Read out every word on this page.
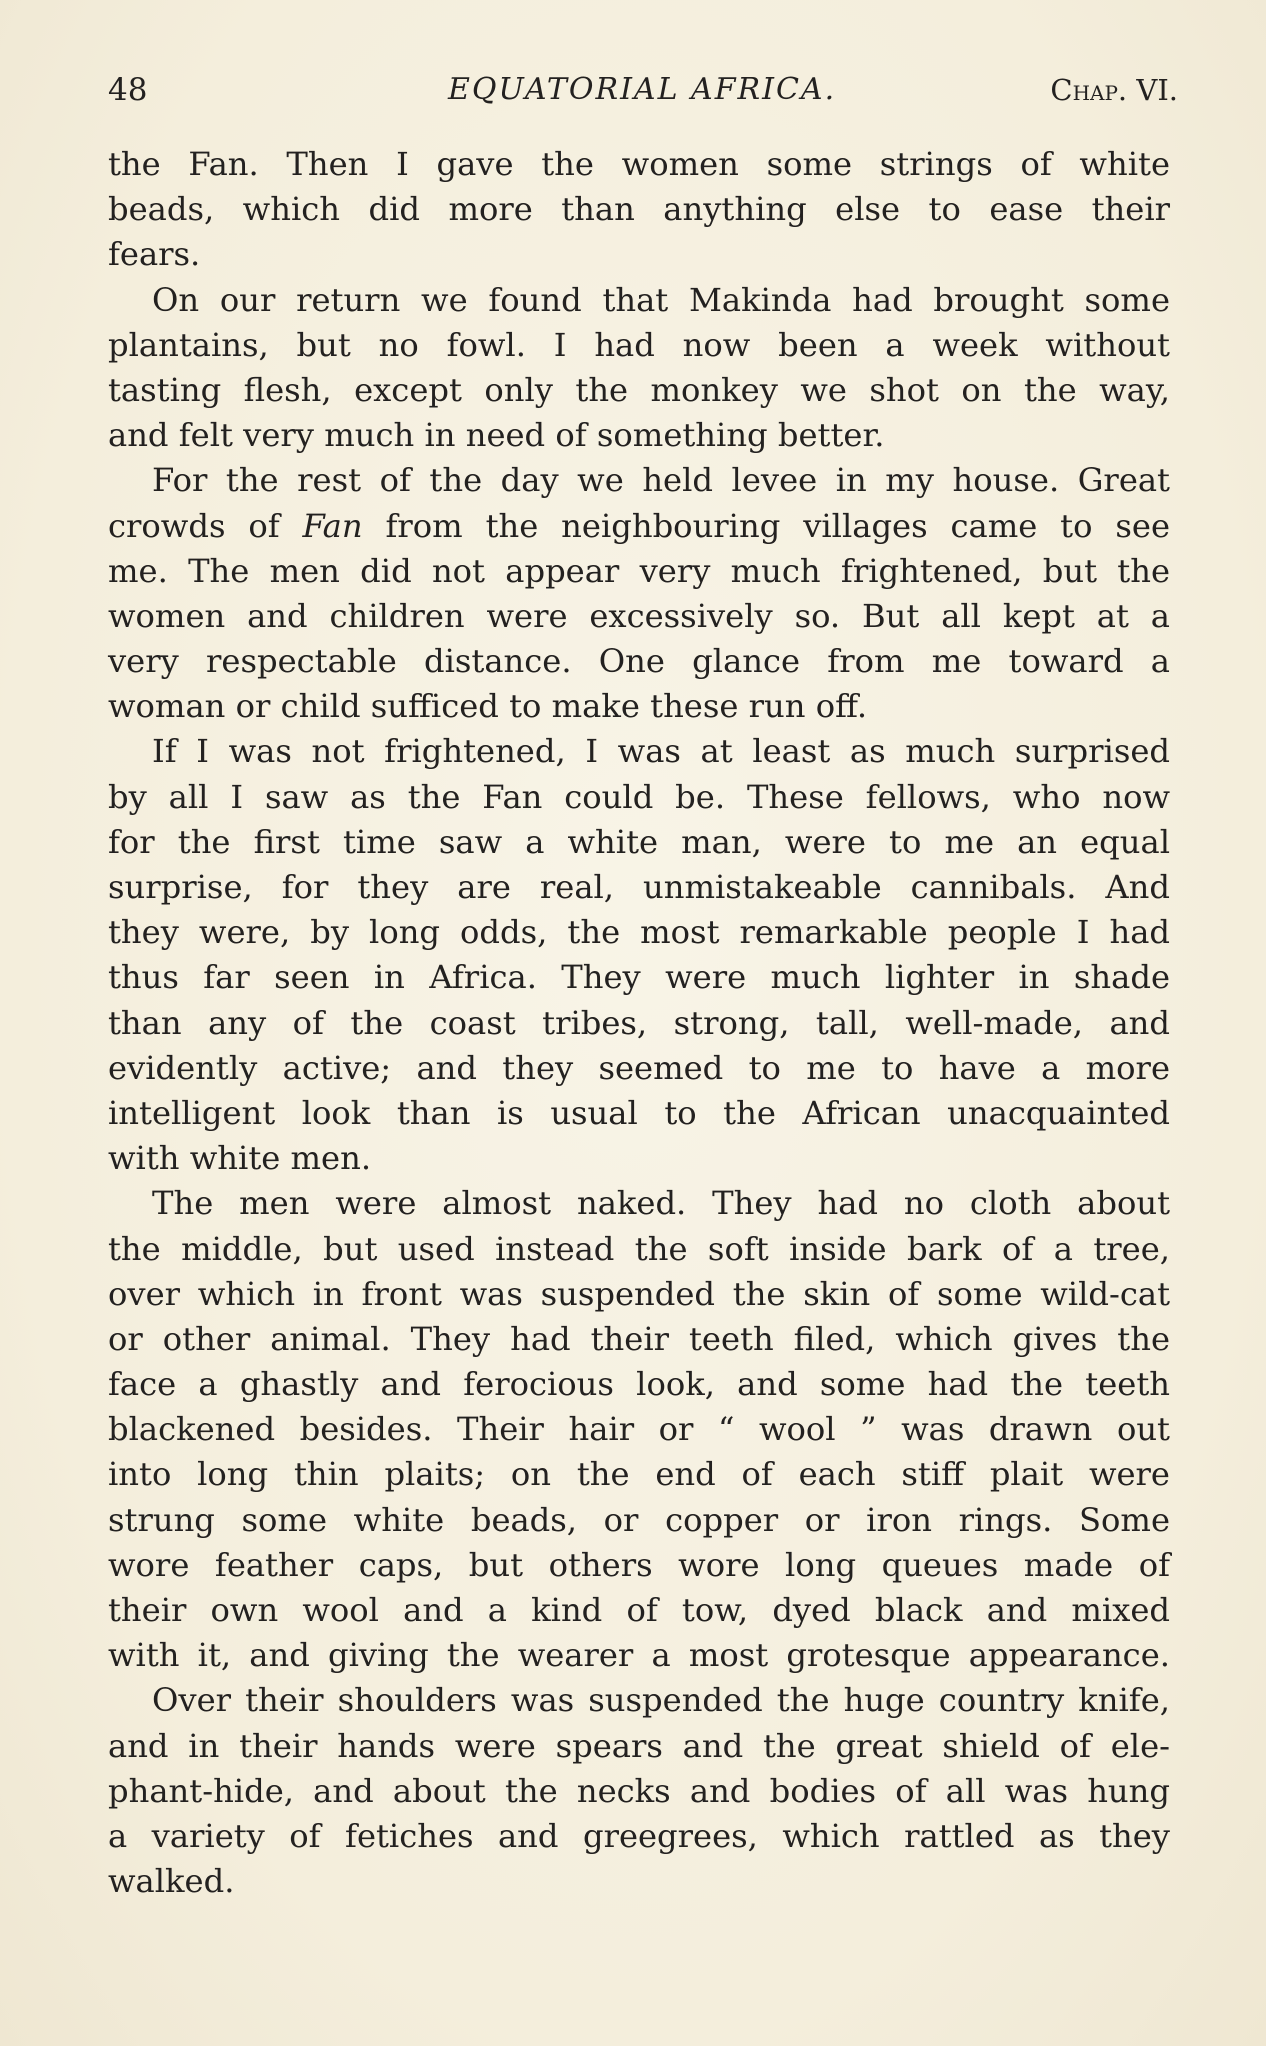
48	EQUATORIAL AFRICA.	Chap. VI.
the Fan. Then I gave the women some strings of white
beads, which did more than anything else to ease their
fears.
On our return we found that Makinda had brought some
plantains, but no fowl. I had now been a week without
tasting flesh, except only the monkey we shot on the way,
and felt very much in need of something better.
For the rest of the day we held levee in my house. Great
crowds of Fan from the neighbouring villages came to see
me. The men did not appear very much frightened, but the
women and children were excessively so. But all kept at a
very respectable distance. One glance from me toward a
woman or child sufficed to make these run off.
If I was not frightened, I was at least as much surprised
by all I saw as the Fan could be. These fellows, who now
for the first time saw a white man, were to me an equal
surprise, for they are real, unmistakeable cannibals. And
they were, by long odds, the most remarkable people I had
thus far seen in Africa. They were much lighter in shade
than any of the coast tribes, strong, tall, well-made, and
evidently active; and they seemed to me to have a more
intelligent look than is usual to the African unacquainted
with white men.
The men were almost naked. They had no cloth about
the middle, but used instead the soft inside bark of a tree,
over which in front was suspended the skin of some wild-cat
or other animal. They had their teeth filed, which gives the
face a ghastly and ferocious look, and some had the teeth
blackened besides. Their hair or “ wool ” was drawn out
into long thin plaits; on the end of each stiff plait were
strung some white beads, or copper or iron rings. Some
wore feather caps, but others wore long queues made of
their own wool and a kind of tow, dyed black and mixed
with it, and giving the wearer a most grotesque appearance.
Over their shoulders was suspended the huge country knife,
and in their hands were spears and the great shield of ele-
phant-hide, and about the necks and bodies of all was hung
a variety of fetiches and greegrees, which rattled as they
walked.
